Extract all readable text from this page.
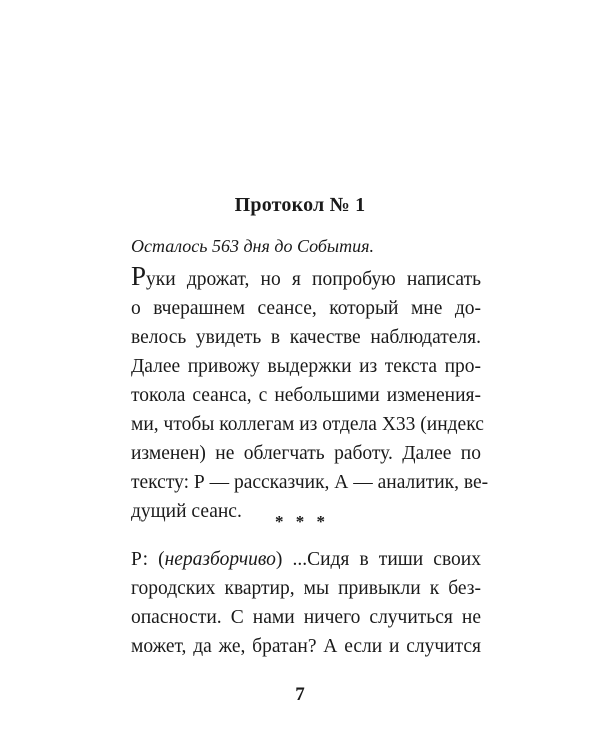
Протокол № 1
Осталось 563 дня до События.
Руки дрожат, но я попробую написать
о вчерашнем сеансе, который мне до-
велось увидеть в качестве наблюдателя.
Далее привожу выдержки из текста про-
токола сеанса, с небольшими изменения-
ми, чтобы коллегам из отдела Х33 (индекс
изменен) не облегчать работу. Далее по
тексту: Р — рассказчик, А — аналитик, ве-
дущий сеанс.	* * *
Р: (неразборчиво) ...Сидя в тиши своих
городских квартир, мы привыкли к без-
опасности. С нами ничего случиться не
может, да же, братан? А если и случится
7
